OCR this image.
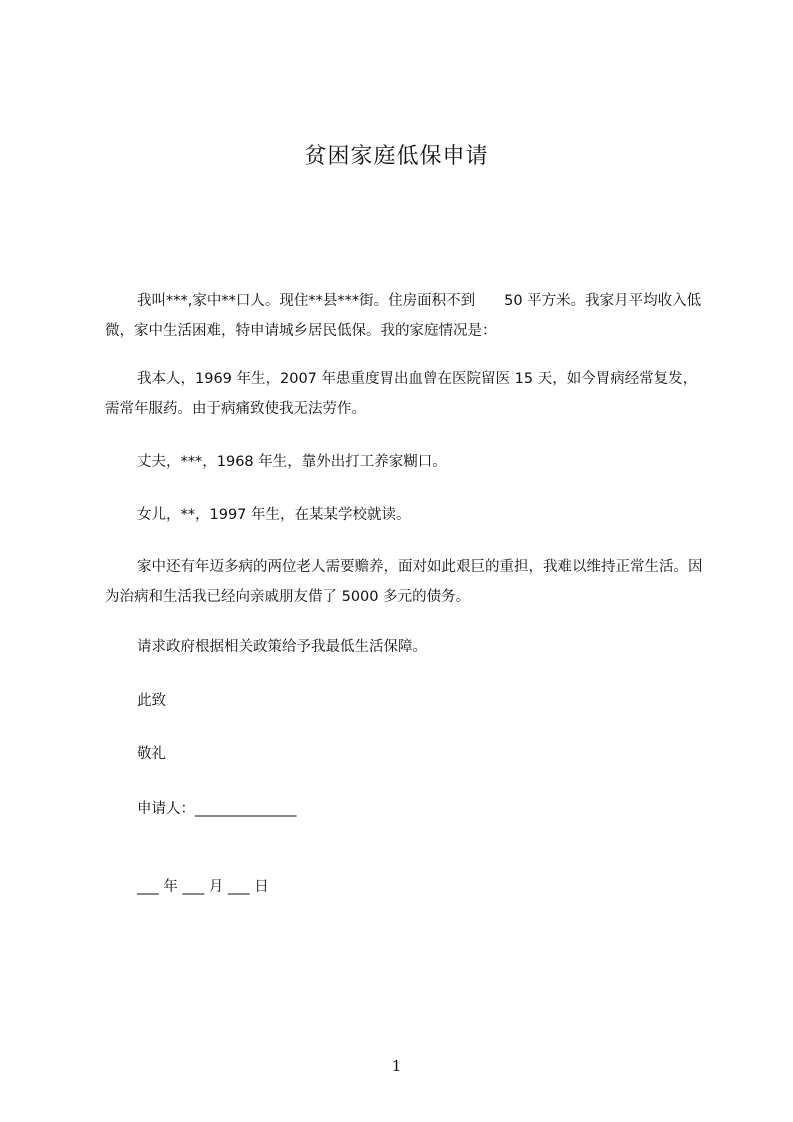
贫困家庭低保申请
我叫***,家中**口人。现住**县***街。住房面积不到　　50 平方米。我家月平均收入低微，家中生活困难，特申请城乡居民低保。我的家庭情况是：
我本人，1969 年生，2007 年患重度胃出血曾在医院留医 15 天，如今胃病经常复发，需常年服药。由于病痛致使我无法劳作。
丈夫，***，1968 年生，靠外出打工养家糊口。
女儿，**，1997 年生，在某某学校就读。
家中还有年迈多病的两位老人需要赡养，面对如此艰巨的重担，我难以维持正常生活。因为治病和生活我已经向亲戚朋友借了 5000 多元的债务。
请求政府根据相关政策给予我最低生活保障。
此致
敬礼
申请人：______________
___ 年 ___ 月 ___ 日
1
